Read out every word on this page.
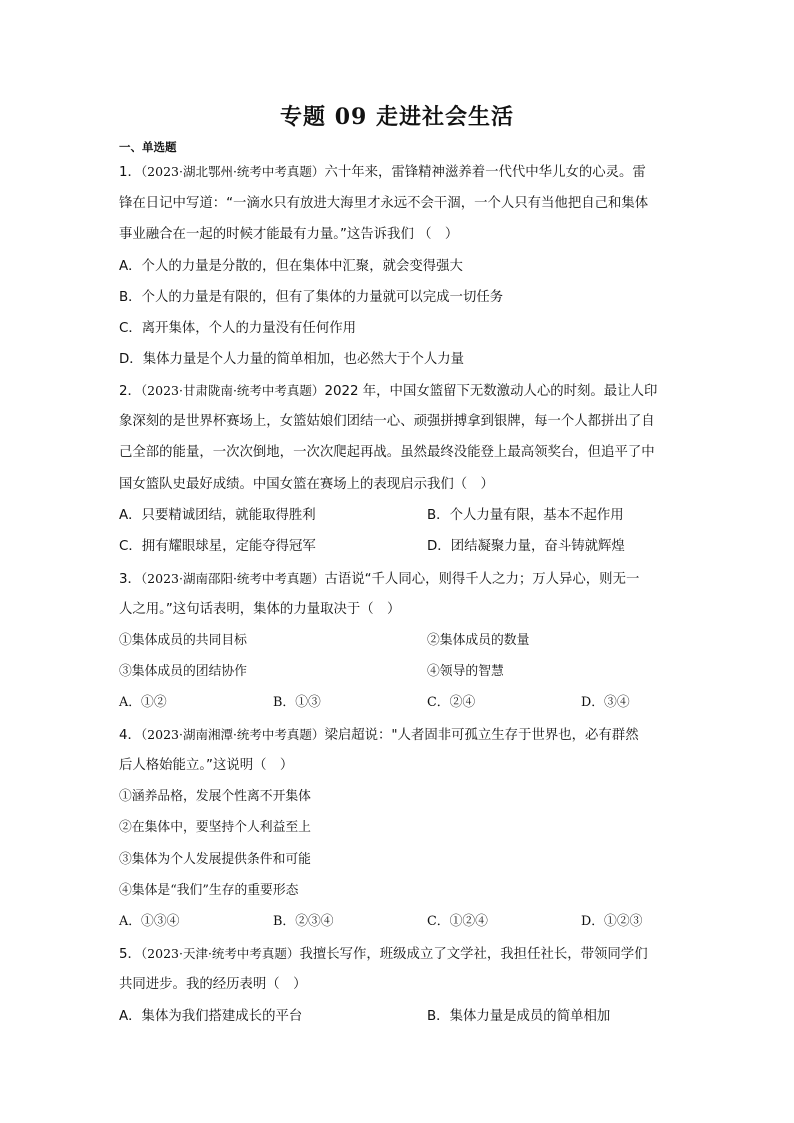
专题 09 走进社会生活
一、单选题
1．（2023·湖北鄂州·统考中考真题）六十年来，雷锋精神滋养着一代代中华儿女的心灵。雷
锋在日记中写道：“一滴水只有放进大海里才永远不会干涸，一个人只有当他把自己和集体
事业融合在一起的时候才能最有力量。”这告诉我们 （　）
A．个人的力量是分散的，但在集体中汇聚，就会变得强大
B．个人的力量是有限的，但有了集体的力量就可以完成一切任务
C．离开集体，个人的力量没有任何作用
D．集体力量是个人力量的简单相加，也必然大于个人力量
2．（2023·甘肃陇南·统考中考真题）2022 年，中国女篮留下无数激动人心的时刻。最让人印
象深刻的是世界杯赛场上，女篮姑娘们团结一心、顽强拼搏拿到银牌，每一个人都拼出了自
己全部的能量，一次次倒地，一次次爬起再战。虽然最终没能登上最高领奖台，但追平了中
国女篮队史最好成绩。中国女篮在赛场上的表现启示我们（　）
A．只要精诚团结，就能取得胜利	B．个人力量有限，基本不起作用
C．拥有耀眼球星，定能夺得冠军	D．团结凝聚力量，奋斗铸就辉煌
3．（2023·湖南邵阳·统考中考真题）古语说“千人同心，则得千人之力；万人异心，则无一
人之用。”这句话表明，集体的力量取决于（　）
①集体成员的共同目标	②集体成员的数量
③集体成员的团结协作	④领导的智慧
A．①②	B．①③	C．②④	D．③④
4．（2023·湖南湘潭·统考中考真题）梁启超说："人者固非可孤立生存于世界也，必有群然
后人格始能立。”这说明（　）
①涵养品格，发展个性离不开集体
②在集体中，要坚持个人利益至上
③集体为个人发展提供条件和可能
④集体是“我们”生存的重要形态
A．①③④	B．②③④	C．①②④	D．①②③
5．（2023·天津·统考中考真题）我擅长写作，班级成立了文学社，我担任社长，带领同学们
共同进步。我的经历表明（　）
A．集体为我们搭建成长的平台	B．集体力量是成员的简单相加
